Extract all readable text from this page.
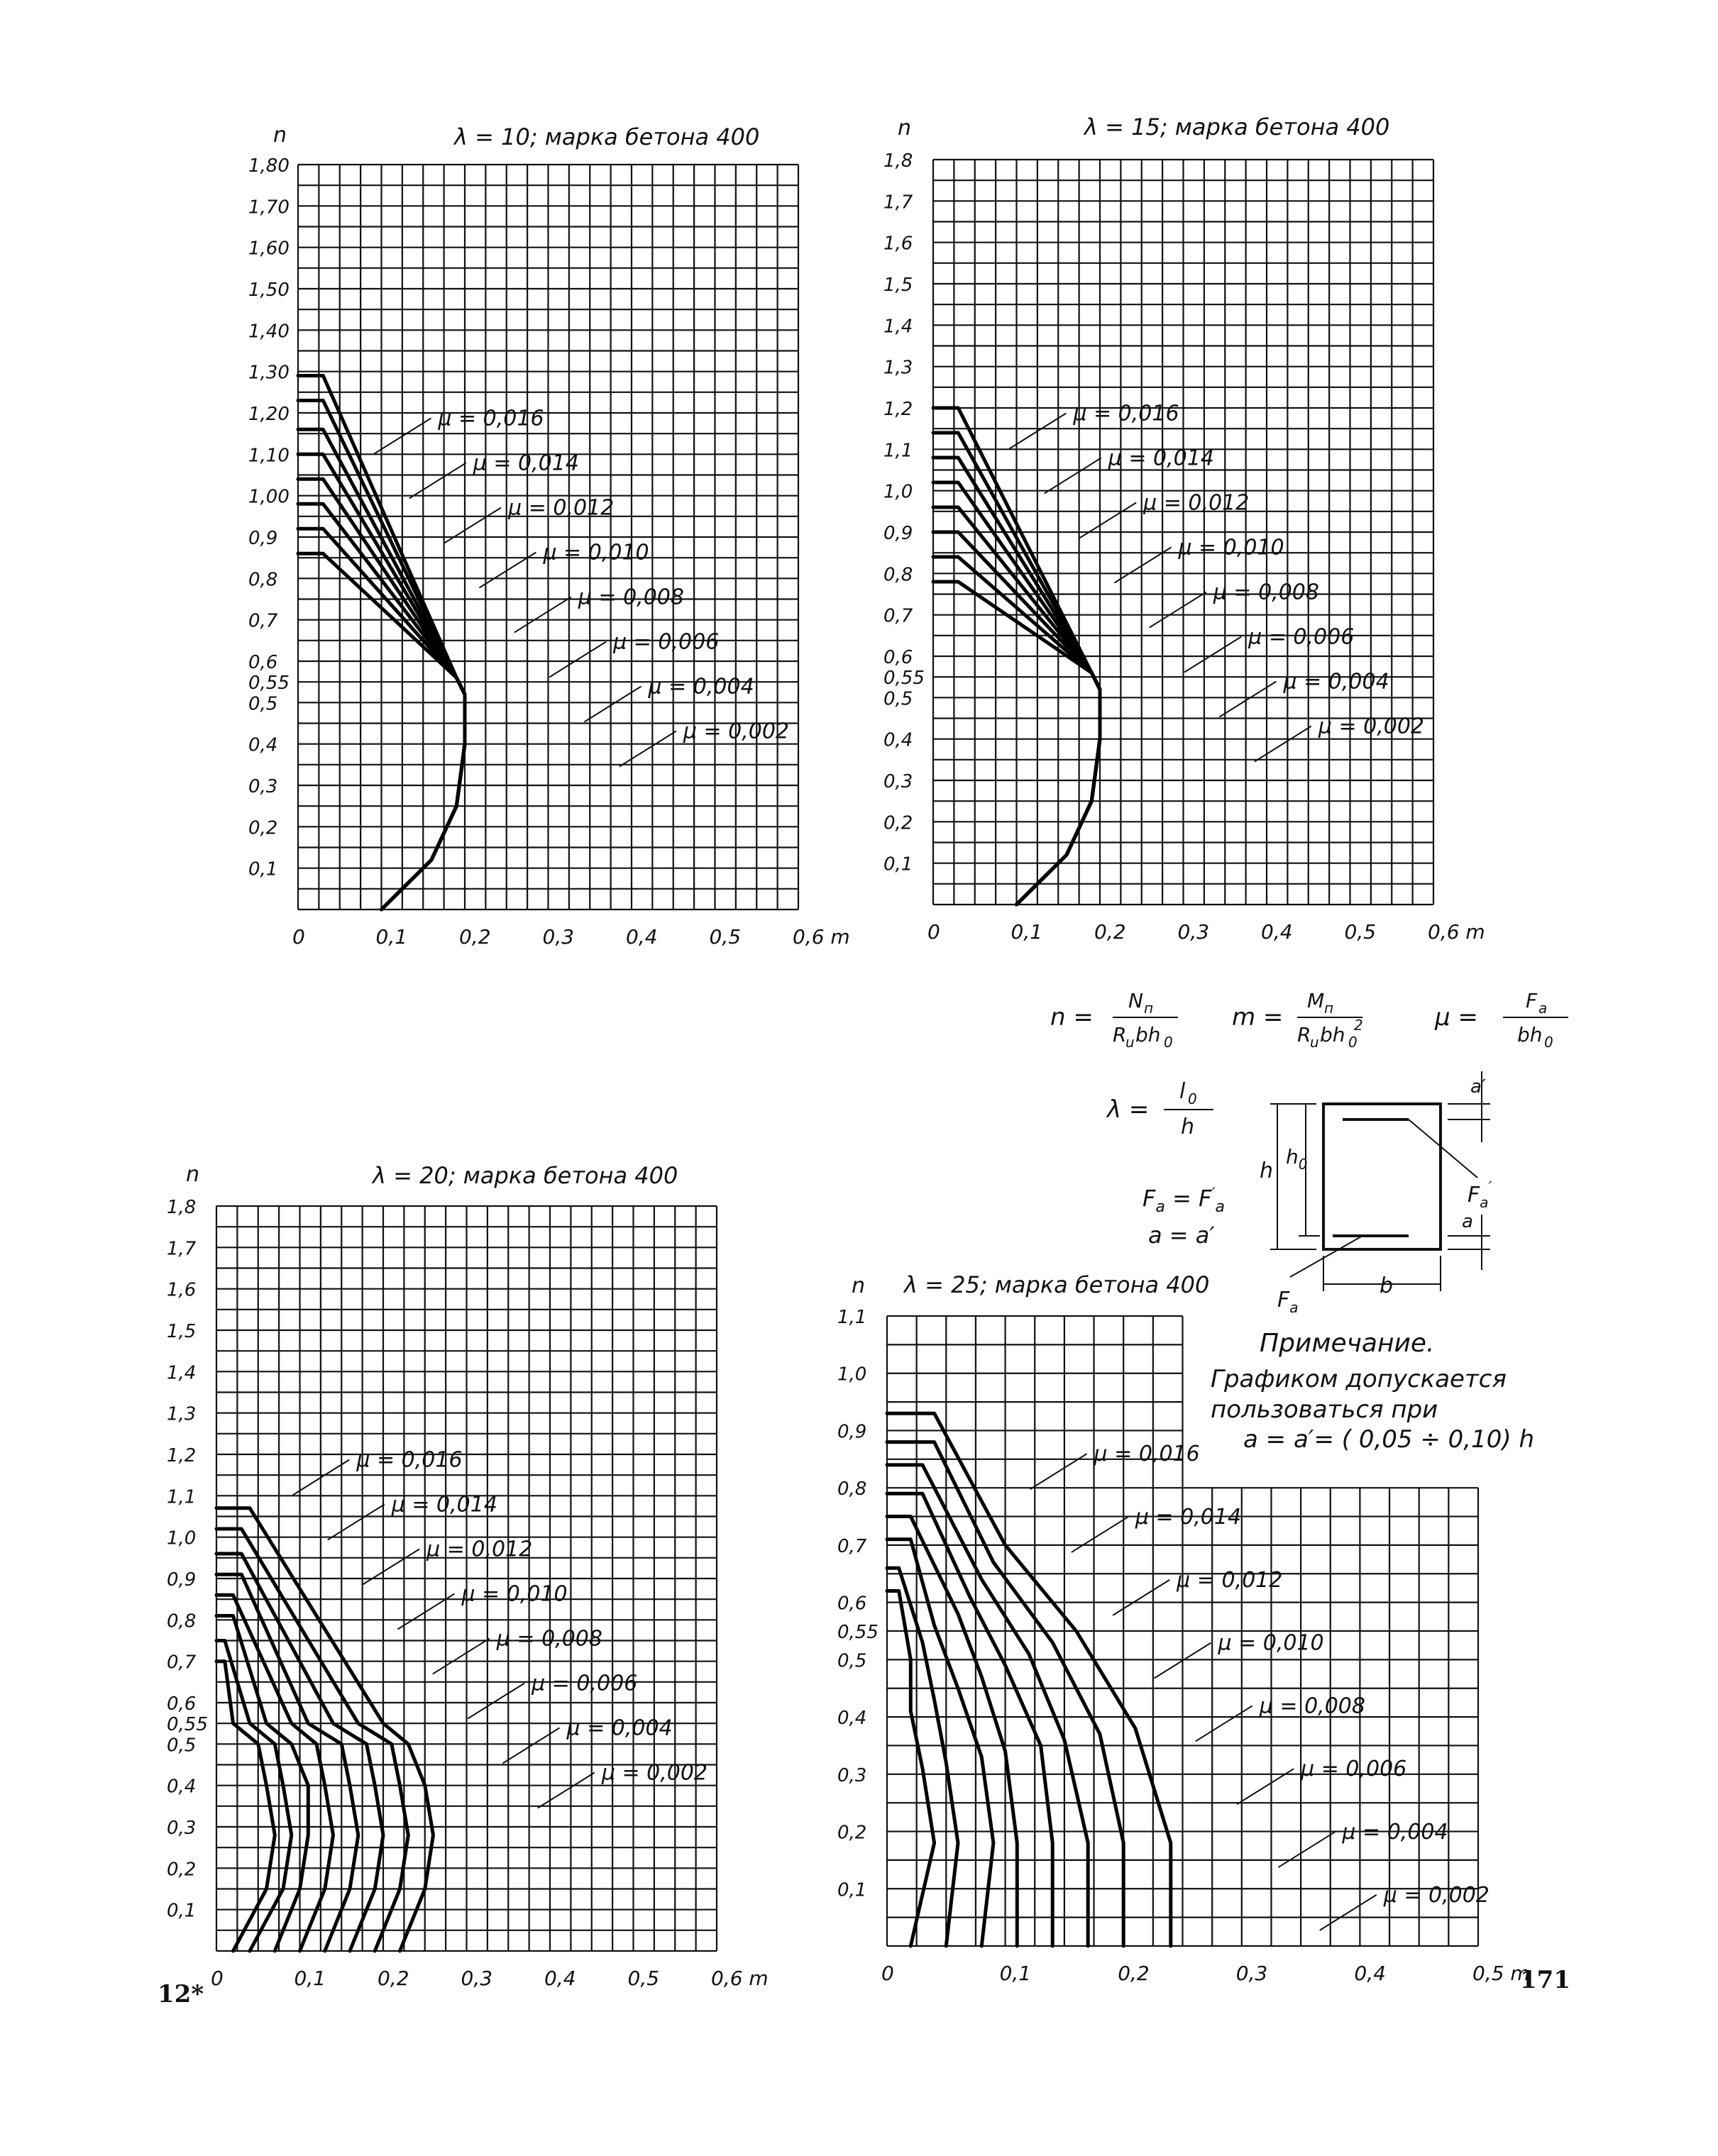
n =
N п
R
u bh 0
m =
M п
R
u bh 0
2	μ =
F a
bh 0
λ =
l 0
h
$F_a = F'_a$
a = a′
h
$h_0$
b
a′
a
$F_a'$
$F_a$
Примечание.
Графиком допускается
пользоваться при
a = a′= ( 0,05 ÷ 0,10) h
171
12*
λ = 10; марка бетона 400
n
0	0,1	0,2	0,3	0,4	0,5	0,6 m
0,1
0,2
0,3
0,4
0,5
0,55
0,6
0,7
0,8
0,9
1,00
1,10
1,20
1,30
1,40
1,50
1,60
1,70
1,80
μ = 0,016
μ = 0,014
μ = 0,012
μ = 0,010
μ = 0,008
μ = 0,006
μ = 0,004
μ = 0,002
λ = 15; марка бетона 400
n
0	0,1	0,2	0,3	0,4	0,5	0,6 m
0,1
0,2
0,3
0,4
0,5
0,55
0,6
0,7
0,8
0,9
1,0
1,1
1,2
1,3
1,4
1,5
1,6
1,7
1,8
μ = 0,016
μ = 0,014
μ = 0,012
μ = 0,010
μ = 0,008
μ = 0,006
μ = 0,004
μ = 0,002
λ = 20; марка бетона 400
n
0	0,1	0,2	0,3	0,4	0,5	0,6 m
0,1
0,2
0,3
0,4
0,5
0,55
0,6
0,7
0,8
0,9
1,0
1,1
1,2
1,3
1,4
1,5
1,6
1,7
1,8
μ = 0,016
μ = 0,014
μ = 0,012
μ = 0,010
μ = 0,008
μ = 0,006
μ = 0,004
μ = 0,002
λ = 25; марка бетона 400
n
0	0,1	0,2	0,3	0,4	0,5 m
0,1
0,2
0,3
0,4
0,5
0,55
0,6
0,7
0,8
0,9
1,0
1,1
μ = 0,016
μ = 0,014
μ = 0,012
μ = 0,010
μ = 0,008
μ = 0,006
μ = 0,004
μ = 0,002
